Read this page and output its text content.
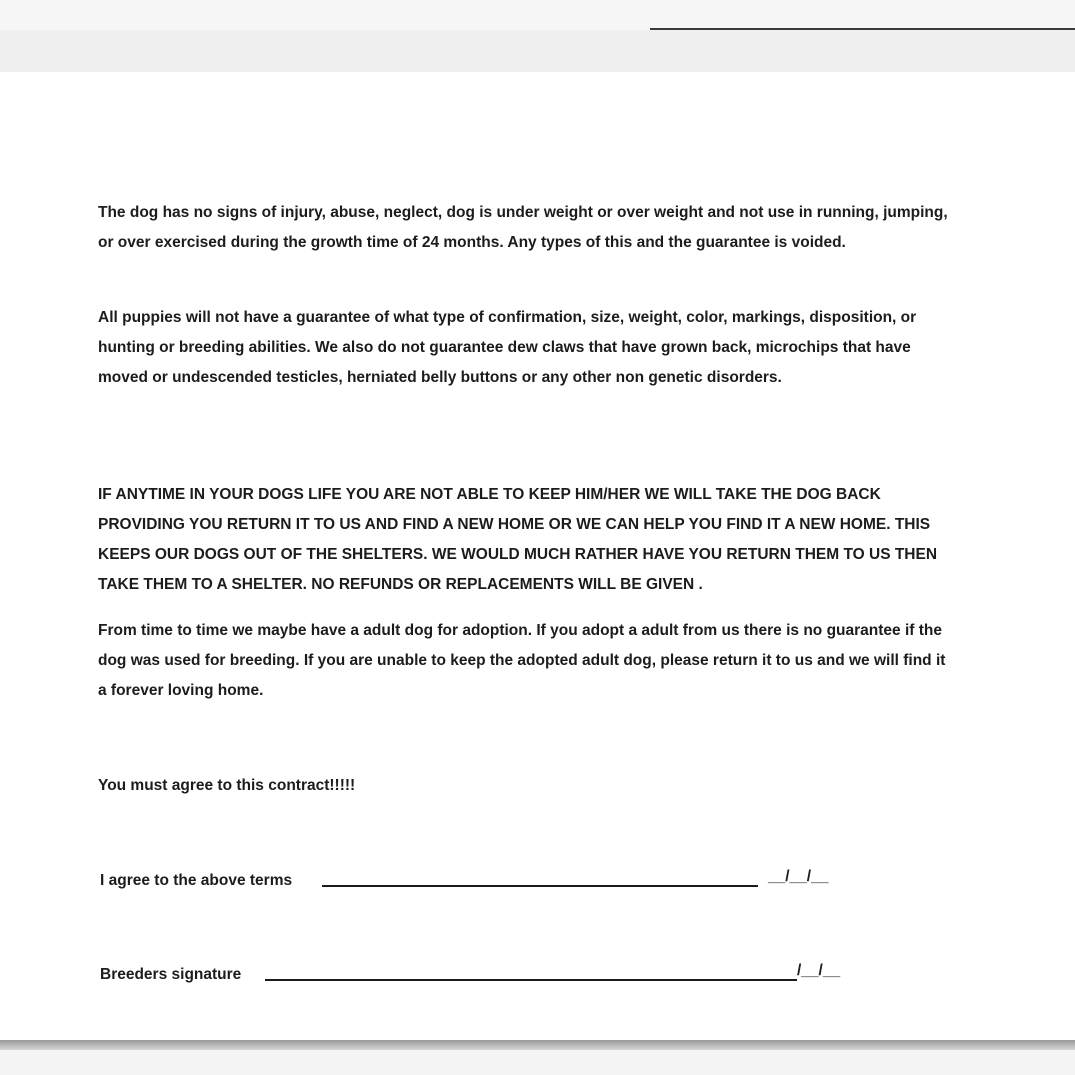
The dog has no signs of injury, abuse, neglect, dog is under weight or over weight and not use in running, jumping, or over exercised during the growth time of 24 months. Any types of this and the guarantee is voided.

All puppies will not have a guarantee of what type of confirmation, size, weight, color, markings, disposition, or hunting or breeding abilities. We also do not guarantee dew claws that have grown back, microchips that have moved or undescended testicles, herniated belly buttons or any other non genetic disorders.

IF ANYTIME IN YOUR DOGS LIFE YOU ARE NOT ABLE TO KEEP HIM/HER WE WILL TAKE THE DOG BACK PROVIDING YOU RETURN IT TO US AND FIND A NEW HOME OR WE CAN HELP YOU FIND IT A NEW HOME. THIS KEEPS OUR DOGS OUT OF THE SHELTERS. WE WOULD MUCH RATHER HAVE YOU RETURN THEM TO US THEN TAKE THEM TO A SHELTER. NO REFUNDS OR REPLACEMENTS WILL BE GIVEN .

From time to time we maybe have a adult dog for adoption. If you adopt a adult from us there is no guarantee if the dog was used for breeding. If you are unable to keep the adopted adult dog, please return it to us and we will find it a forever loving home.

You must agree to this contract!!!!!

I agree to the above terms	__/__/__
Breeders signature	/__/__
